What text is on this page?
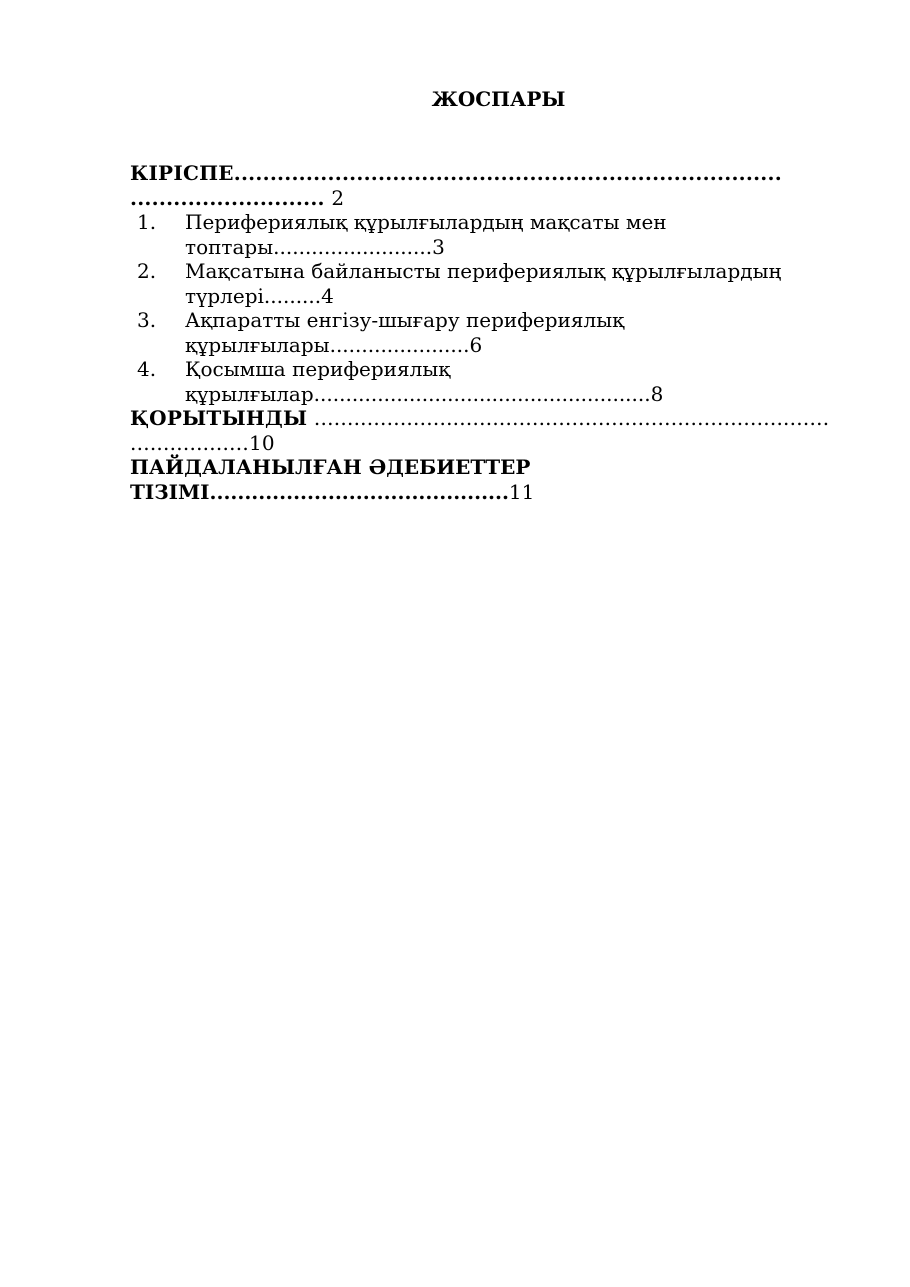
ЖОСПАРЫ

КІРІСПЕ............................................................................

........................... 2

1.	Перифериялық құрылғылардың мақсаты мен
топтары.........................3
2.	Мақсатына байланысты перифериялық құрылғылардың
түрлері.........4
3.	Ақпаратты енгізу-шығару перифериялық
құрылғылары......................6
4.	Қосымша перифериялық
құрылғылар.....................................................8

ҚОРЫТЫНДЫ ..............................................................................

..................10

ПАЙДАЛАНЫЛҒАН ӘДЕБИЕТТЕР

ТІЗІМІ...........................................11
